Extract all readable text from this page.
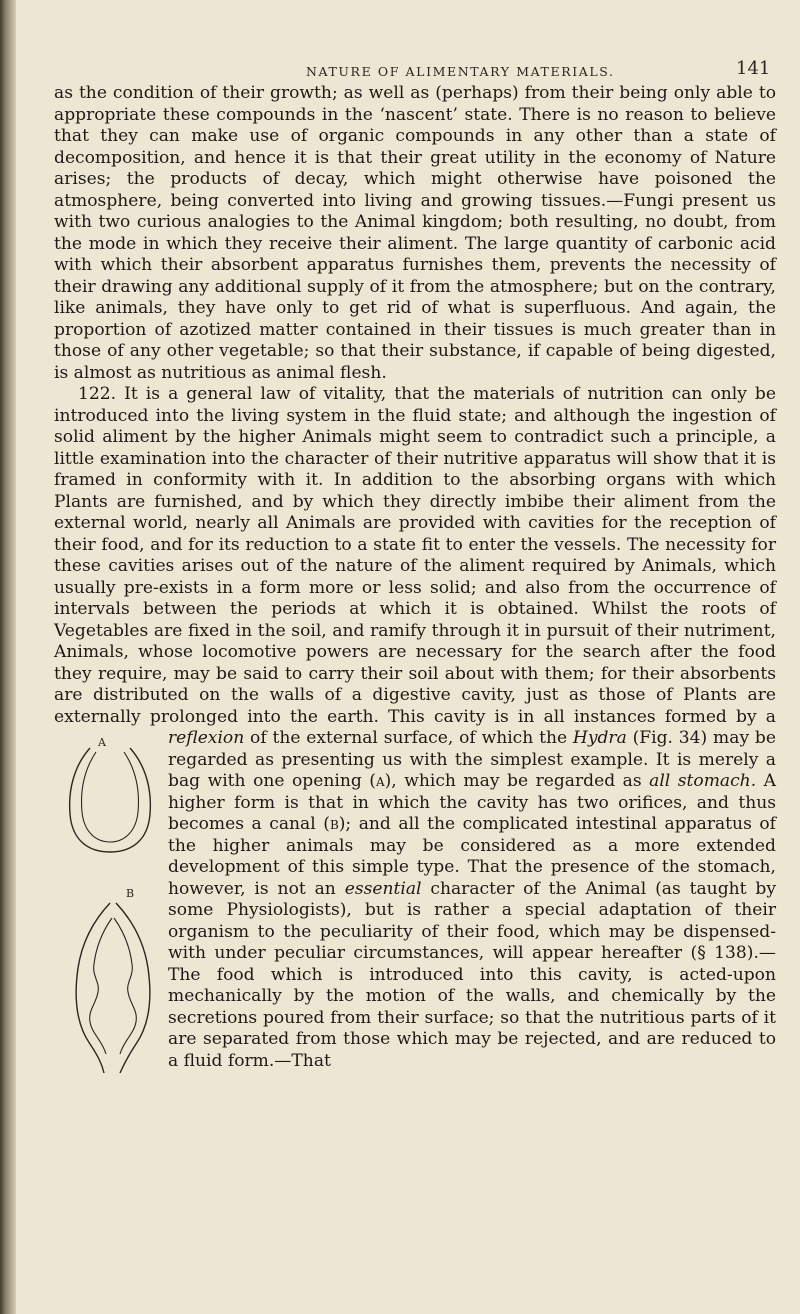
NATURE OF ALIMENTARY MATERIALS.	141

as the condition of their growth; as well as (perhaps) from their being only able to appropriate these compounds in the ‘nascent’ state. There is no reason to believe that they can make use of organic compounds in any other than a state of decomposition, and hence it is that their great utility in the economy of Nature arises; the products of decay, which might otherwise have poisoned the atmosphere, being converted into living and growing tissues.—Fungi present us with two curious analogies to the Animal kingdom; both resulting, no doubt, from the mode in which they receive their aliment. The large quantity of carbonic acid with which their absorbent apparatus furnishes them, prevents the necessity of their drawing any additional supply of it from the atmosphere; but on the contrary, like animals, they have only to get rid of what is superfluous. And again, the proportion of azotized matter contained in their tissues is much greater than in those of any other vegetable; so that their substance, if capable of being digested, is almost as nutritious as animal flesh.

122. It is a general law of vitality, that the materials of nutrition can only be introduced into the living system in the fluid state; and although the ingestion of solid aliment by the higher Animals might seem to contradict such a principle, a little examination into the character of their nutritive apparatus will show that it is framed in conformity with it. In addition to the absorbing organs with which Plants are furnished, and by which they directly imbibe their aliment from the external world, nearly all Animals are provided with cavities for the reception of their food, and for its reduction to a state fit to enter the vessels. The necessity for these cavities arises out of the nature of the aliment required by Animals, which usually pre-exists in a form more or less solid; and also from the occurrence of intervals between the periods at which it is obtained. Whilst the roots of Vegetables are fixed in the soil, and ramify through it in pursuit of their nutriment, Animals, whose locomotive powers are necessary for the search after the food they require, may be said to carry their soil about with them; for their absorbents are distributed on the walls of a digestive cavity, just as those of Plants are externally prolonged into the earth. This cavity is in all instances formed by a
A
B
reflexion of the external surface, of which the Hydra (Fig. 34) may be regarded as presenting us with the simplest example. It is merely a bag with one opening (a), which may be regarded as all stomach. A higher form is that in which the cavity has two orifices, and thus becomes a canal (b); and all the complicated intestinal apparatus of the higher animals may be considered as a more extended development of this simple type. That the presence of the stomach, however, is not an essential character of the Animal (as taught by some Physiologists), but is rather a special adaptation of their organism to the peculiarity of their food, which may be dispensed-with under peculiar circumstances, will appear hereafter (§ 138).—The food which is introduced into this cavity, is acted-upon mechanically by the motion of the walls, and chemically by the secretions poured from their surface; so that the nutritious parts of it are separated from those which may be rejected, and are reduced to a fluid form.—That
